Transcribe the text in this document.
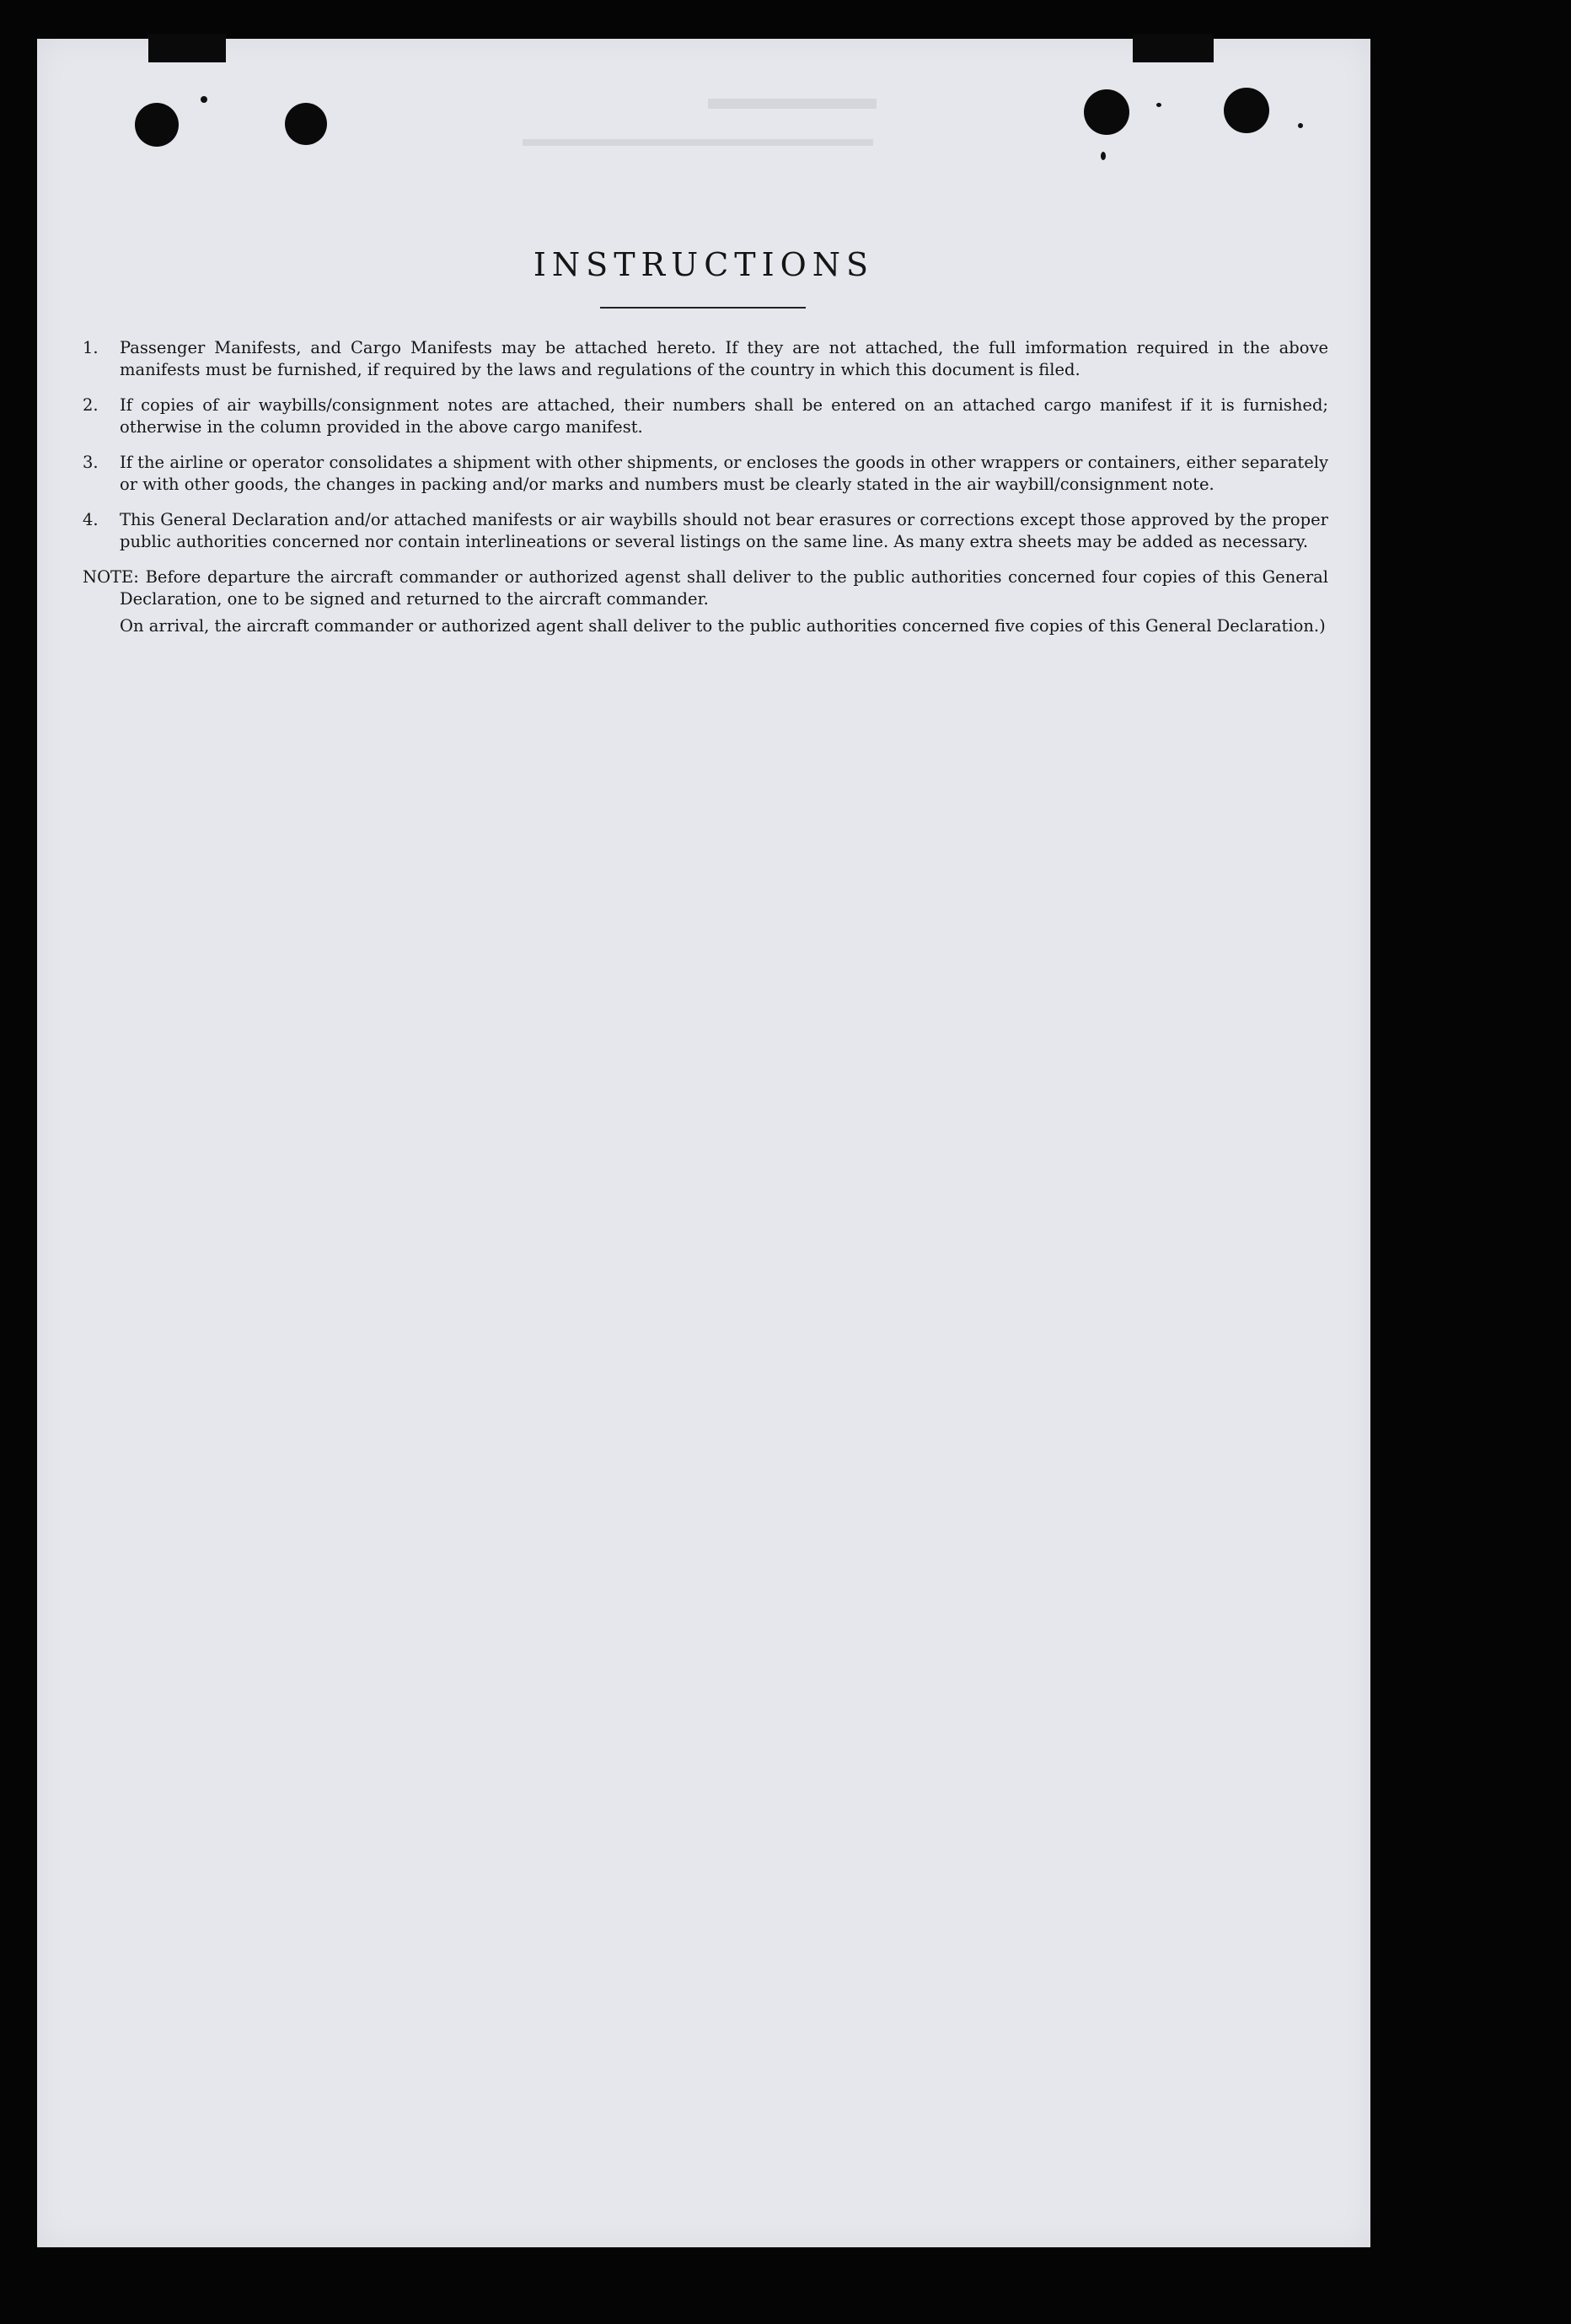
▬▬▬▬▬
▬▬▬▬▬▬▬▬▬▬▬▬▬▬▬▬
INSTRUCTIONS
1. Passenger Manifests, and Cargo Manifests may be attached hereto. If they are not attached, the full imformation required in the above manifests must be furnished, if required by the laws and regulations of the country in which this document is filed.
2. If copies of air waybills/consignment notes are attached, their numbers shall be entered on an attached cargo manifest if it is furnished; otherwise in the column provided in the above cargo manifest.
3. If the airline or operator consolidates a shipment with other shipments, or encloses the goods in other wrappers or containers, either separately or with other goods, the changes in packing and/or marks and numbers must be clearly stated in the air waybill/consignment note.
4. This General Declaration and/or attached manifests or air waybills should not bear erasures or corrections except those approved by the proper public authorities concerned nor contain interlineations or several listings on the same line. As many extra sheets may be added as necessary.

NOTE: Before departure the aircraft commander or authorized agenst shall deliver to the public authorities concerned four copies of this General Declaration, one to be signed and returned to the aircraft commander.

On arrival, the aircraft commander or authorized agent shall deliver to the public authorities concerned five copies of this General Declaration.)
